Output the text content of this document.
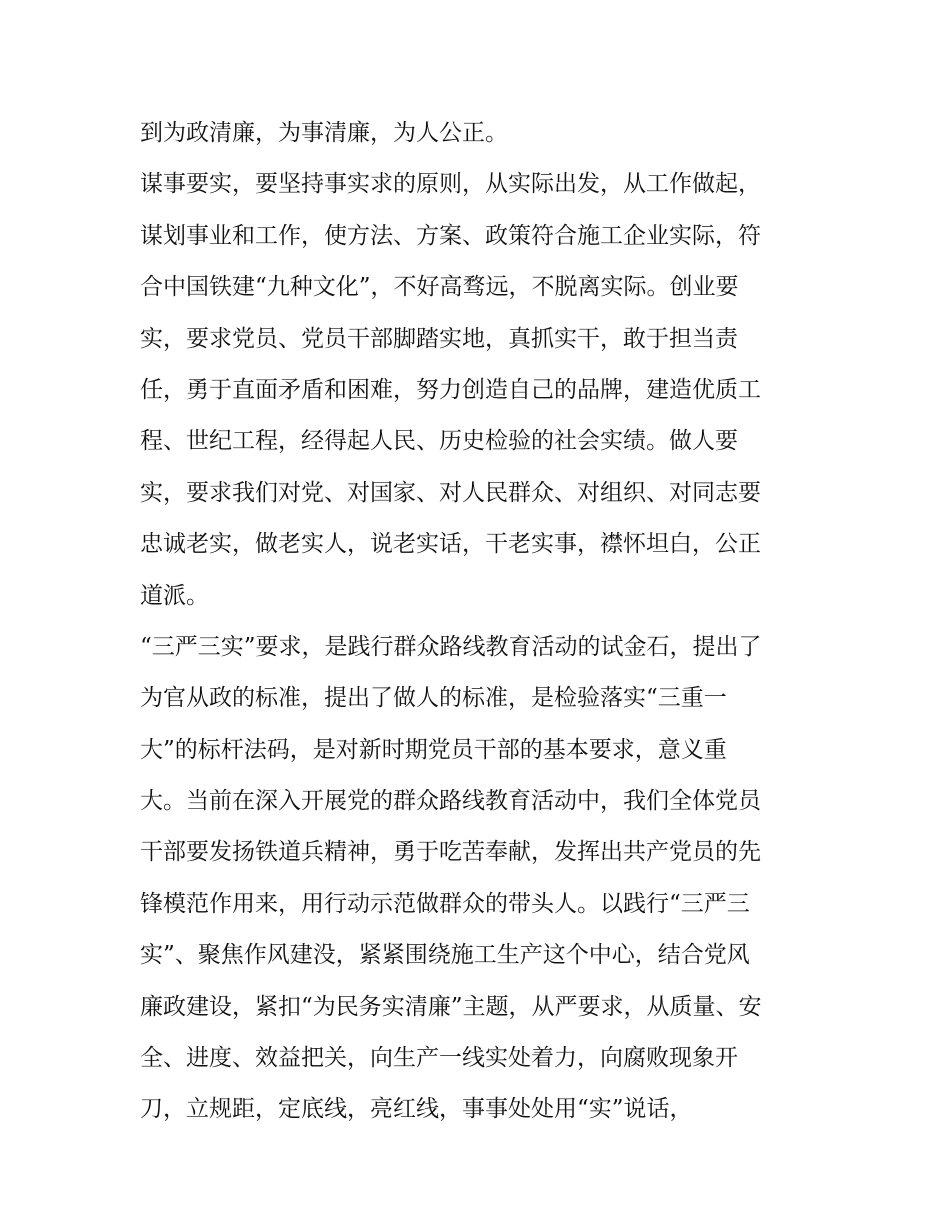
到为政清廉，为事清廉，为人公正。
谋事要实，要坚持事实求的原则，从实际出发，从工作做起，
谋划事业和工作，使方法、方案、政策符合施工企业实际，符
合中国铁建“九种文化”，不好高骛远，不脱离实际。创业要
实，要求党员、党员干部脚踏实地，真抓实干，敢于担当责
任，勇于直面矛盾和困难，努力创造自己的品牌，建造优质工
程、世纪工程，经得起人民、历史检验的社会实绩。做人要
实，要求我们对党、对国家、对人民群众、对组织、对同志要
忠诚老实，做老实人，说老实话，干老实事，襟怀坦白，公正
道派。
“三严三实”要求，是践行群众路线教育活动的试金石，提出了
为官从政的标准，提出了做人的标准，是检验落实“三重一
大”的标杆法码，是对新时期党员干部的基本要求，意义重
大。当前在深入开展党的群众路线教育活动中，我们全体党员
干部要发扬铁道兵精神，勇于吃苦奉献，发挥出共产党员的先
锋模范作用来，用行动示范做群众的带头人。以践行“三严三
实”、聚焦作风建没，紧紧围绕施工生产这个中心，结合党风
廉政建设，紧扣“为民务实清廉”主题，从严要求，从质量、安
全、进度、效益把关，向生产一线实处着力，向腐败现象开
刀，立规距，定底线，亮红线，事事处处用“实”说话，
